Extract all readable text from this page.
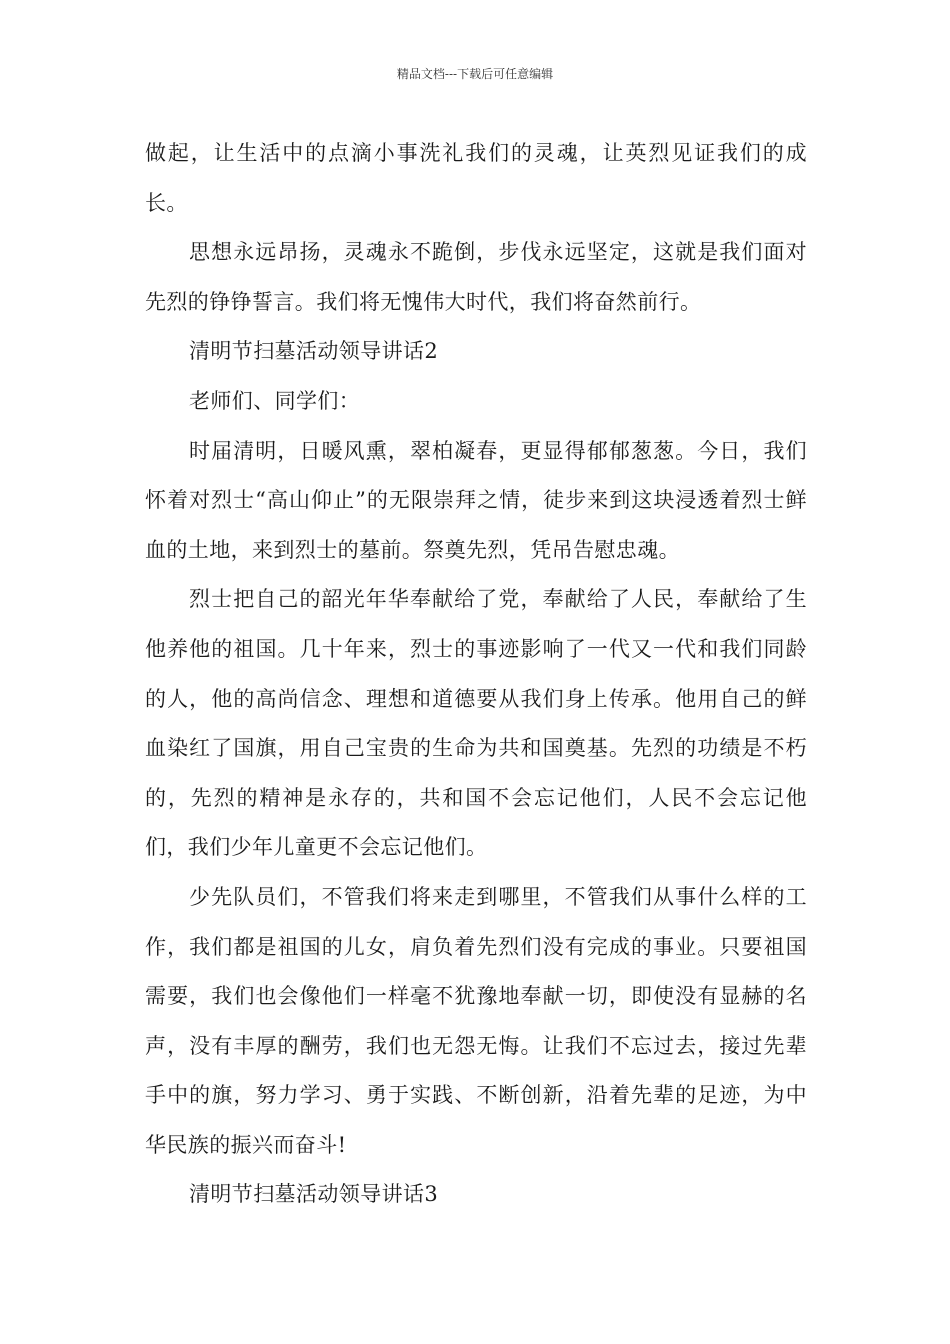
精品文档---下载后可任意编辑

做起，让生活中的点滴小事洗礼我们的灵魂，让英烈见证我们的成长。

思想永远昂扬，灵魂永不跪倒，步伐永远坚定，这就是我们面对先烈的铮铮誓言。我们将无愧伟大时代，我们将奋然前行。

清明节扫墓活动领导讲话2

老师们、同学们：

时届清明，日暖风熏，翠柏凝春，更显得郁郁葱葱。今日，我们怀着对烈士“高山仰止”的无限崇拜之情，徒步来到这块浸透着烈士鲜血的土地，来到烈士的墓前。祭奠先烈，凭吊告慰忠魂。

烈士把自己的韶光年华奉献给了党，奉献给了人民，奉献给了生他养他的祖国。几十年来，烈士的事迹影响了一代又一代和我们同龄的人，他的高尚信念、理想和道德要从我们身上传承。他用自己的鲜血染红了国旗，用自己宝贵的生命为共和国奠基。先烈的功绩是不朽的，先烈的精神是永存的，共和国不会忘记他们，人民不会忘记他们，我们少年儿童更不会忘记他们。

少先队员们，不管我们将来走到哪里，不管我们从事什么样的工作，我们都是祖国的儿女，肩负着先烈们没有完成的事业。只要祖国需要，我们也会像他们一样毫不犹豫地奉献一切，即使没有显赫的名声，没有丰厚的酬劳，我们也无怨无悔。让我们不忘过去，接过先辈手中的旗，努力学习、勇于实践、不断创新，沿着先辈的足迹，为中华民族的振兴而奋斗!

清明节扫墓活动领导讲话3
